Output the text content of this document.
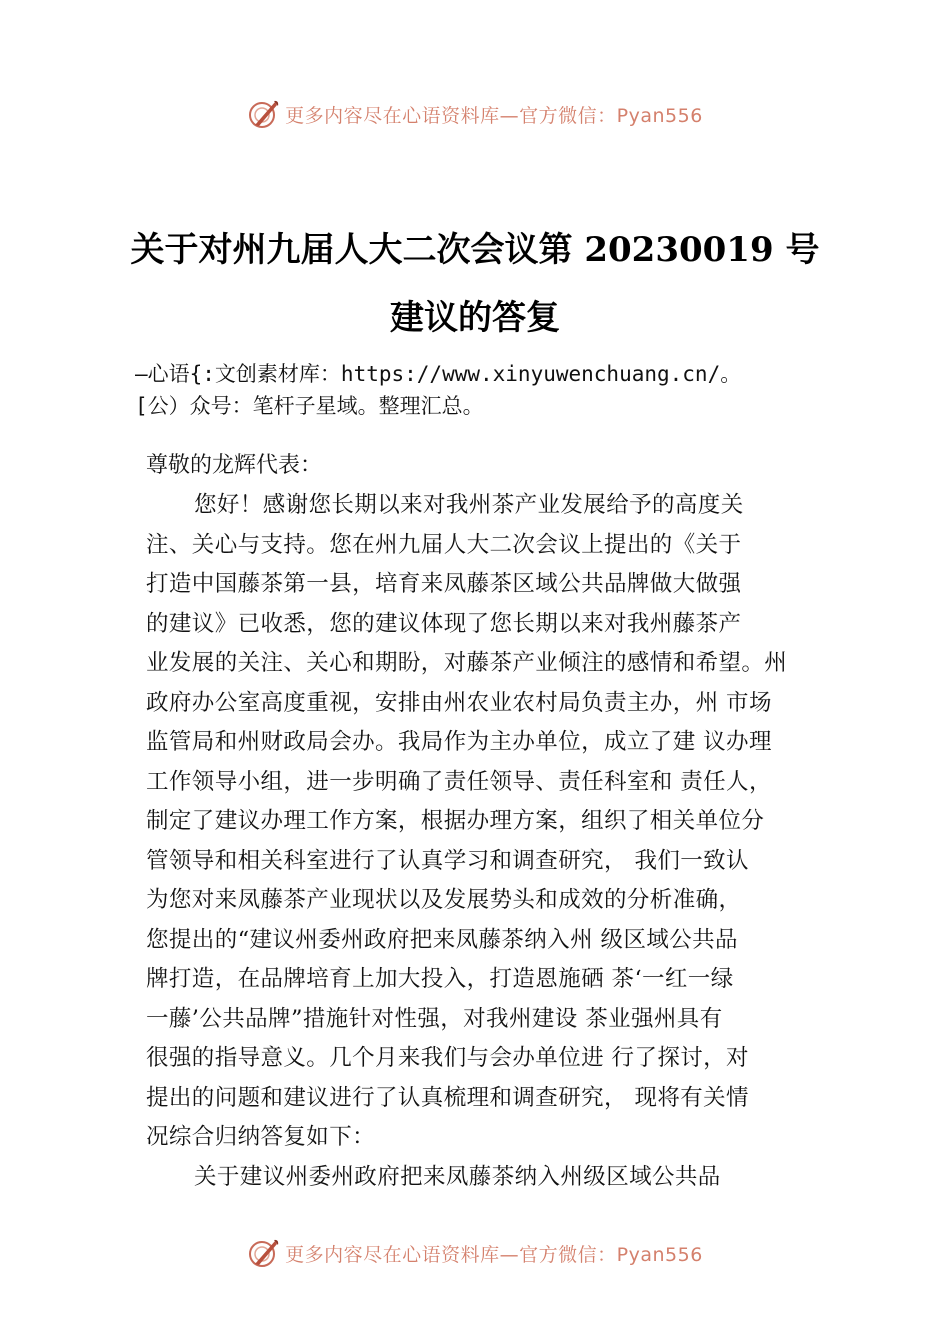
更多内容尽在心语资料库—官方微信：Pyan556
关于对州九届人大二次会议第 20230019 号
建议的答复
—心语{:文创素材库：https://www.xinyuwenchuang.cn/。
[公）众号：笔杆子星域。整理汇总。
尊敬的龙辉代表：
您好！感谢您长期以来对我州茶产业发展给予的高度关
注、关心与支持。您在州九届人大二次会议上提出的《关于
打造中国藤茶第一县，培育来凤藤茶区域公共品牌做大做强
的建议》已收悉，您的建议体现了您长期以来对我州藤茶产
业发展的关注、关心和期盼，对藤茶产业倾注的感情和希望。州
政府办公室高度重视，安排由州农业农村局负责主办，州 市场
监管局和州财政局会办。我局作为主办单位，成立了建 议办理
工作领导小组，进一步明确了责任领导、责任科室和 责任人，
制定了建议办理工作方案，根据办理方案，组织了相关单位分
管领导和相关科室进行了认真学习和调查研究， 我们一致认
为您对来凤藤茶产业现状以及发展势头和成效的分析准确，
您提出的“建议州委州政府把来凤藤茶纳入州 级区域公共品
牌打造，在品牌培育上加大投入，打造恩施硒 茶‘一红一绿
一藤’公共品牌”措施针对性强，对我州建设 茶业强州具有
很强的指导意义。几个月来我们与会办单位进 行了探讨，对
提出的问题和建议进行了认真梳理和调查研究， 现将有关情
况综合归纳答复如下：
关于建议州委州政府把来凤藤茶纳入州级区域公共品
更多内容尽在心语资料库—官方微信：Pyan556
